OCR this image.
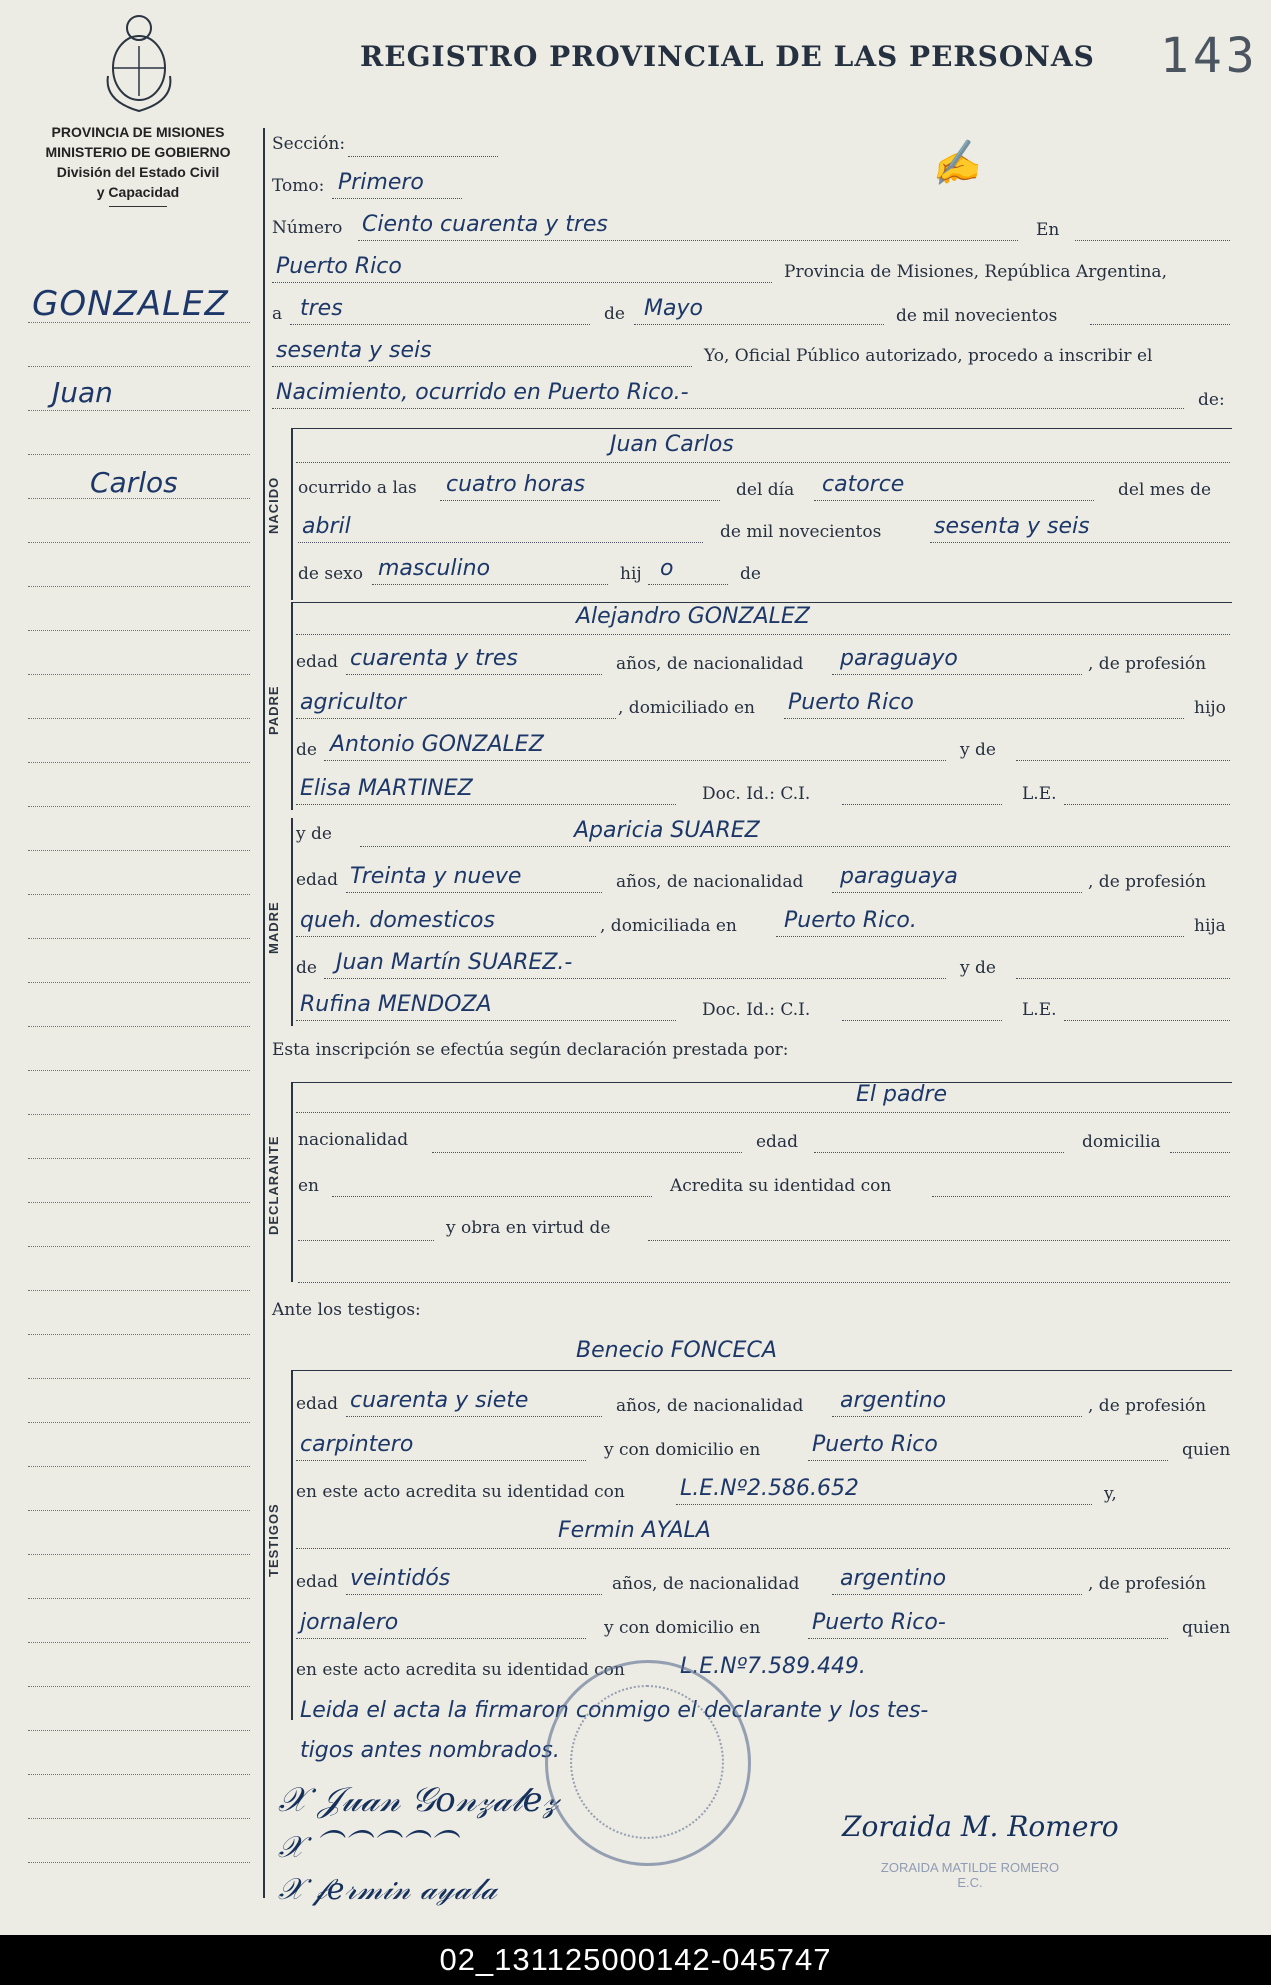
REGISTRO PROVINCIAL DE LAS PERSONAS 143
PROVINCIA DE MISIONES
MINISTERIO DE GOBIERNO
División del Estado Civil
y Capacidad
GONZALEZ
Juan
Carlos
✍
Sección:
Tomo: Primero
Número Ciento cuarenta y tres	En
Puerto Rico	Provincia de Misiones, República Argentina,
a tres	de Mayo	de mil novecientos
sesenta y seis	Yo, Oficial Público autorizado, procedo a inscribir el
Nacimiento, ocurrido en Puerto Rico.-	de:
NACIDO
Juan Carlos
ocurrido a las cuatro horas	del día catorce	del mes de
abril	de mil novecientos sesenta y seis
de sexo masculino	hij o	de
PADRE
Alejandro GONZALEZ
edad cuarenta y tres	años, de nacionalidad paraguayo	, de profesión
agricultor	, domiciliado en Puerto Rico	hijo
de Antonio GONZALEZ	y de
Elisa MARTINEZ	Doc. Id.: C.I.	L.E.
MADRE
y de	Aparicia SUAREZ
edad Treinta y nueve	años, de nacionalidad paraguaya	, de profesión
queh. domesticos	, domiciliada en Puerto Rico.	hija
de Juan Martín SUAREZ.-	y de
Rufina MENDOZA	Doc. Id.: C.I.	L.E.
Esta inscripción se efectúa según declaración prestada por:
DECLARANTE
El padre
nacionalidad	edad	domicilia
en	Acredita su identidad con
y obra en virtud de
Ante los testigos:
TESTIGOS
Benecio FONCECA
edad cuarenta y siete	años, de nacionalidad argentino	, de profesión
carpintero	y con domicilio en Puerto Rico	quien
en este acto acredita su identidad con	L.E.Nº2.586.652	y,
Fermin AYALA
edad veintidós	años, de nacionalidad argentino	, de profesión
jornalero	y con domicilio en Puerto Rico-	quien
en este acto acredita su identidad con	L.E.Nº7.589.449.
Leida el acta la firmaron conmigo el declarante y los tes-
tigos antes nombrados.
𝒳 𝒥𝓊𝒶𝓃 𝒢𝑜𝓃𝓏𝒶𝓁𝑒𝓏
𝒳 ⁀⁀⁀⁀⁀
𝒳 𝒻𝑒𝓇𝓂𝒾𝓃 𝒶𝓎𝒶𝓁𝒶
Zoraida M. Romero
ZORAIDA MATILDE ROMERO
E.C.
02_131125000142-045747
